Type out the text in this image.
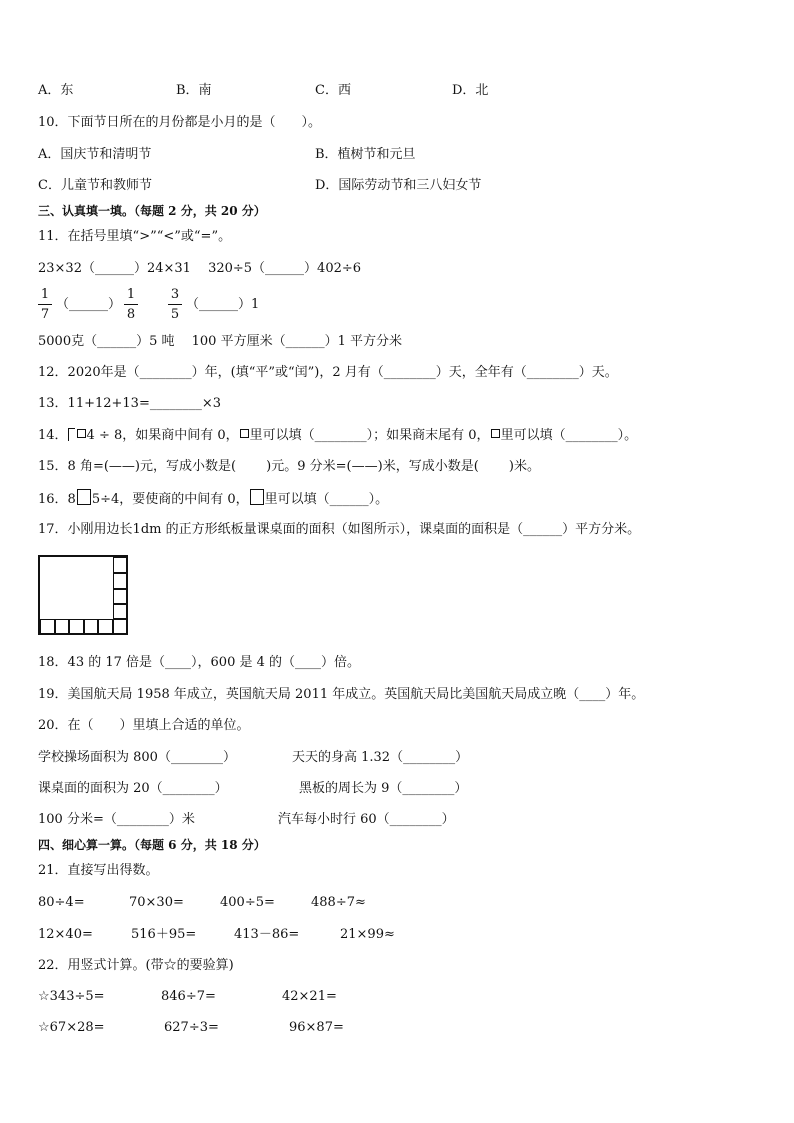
A．东	B．南	C．西	D．北
10．下面节日所在的月份都是小月的是（　　）。
A．国庆节和清明节	B．植树节和元旦
C．儿童节和教师节	D．国际劳动节和三八妇女节
三、认真填一填。（每题 2 分，共 20 分）
11．在括号里填“>”“<”或“=”。
23×32（______）24×31　 320÷5（______）402÷6
$\frac{1}{7}$ （______） $\frac{1}{8} \frac{3}{5}$ （______）1
5000克（______）5 吨　 100 平方厘米（______）1 平方分米
12．2020年是（________）年，(填“平”或“闰”)，2 月有（________）天，全年有（________）天。
13．11+12+13=________×3
14． 4 ÷ 8，如果商中间有 0， 里可以填（________）；如果商末尾有 0， 里可以填（________）。
15．8 角=(——)元，写成小数是(　　 )元。9 分米=(——)米，写成小数是(　　 )米。
16．8 5÷4，要使商的中间有 0， 里可以填（______）。
17．小刚用边长1dm 的正方形纸板量课桌面的面积（如图所示），课桌面的面积是（______）平方分米。
18．43 的 17 倍是（____），600 是 4 的（____）倍。
19．美国航天局 1958 年成立，英国航天局 2011 年成立。英国航天局比美国航天局成立晚（____）年。
20．在（　　）里填上合适的单位。
学校操场面积为 800（________）	天天的身高 1.32（________）
课桌面的面积为 20（________）	黑板的周长为 9（________）
100 分米=（________）米	汽车每小时行 60（________）
四、细心算一算。（每题 6 分，共 18 分）
21．直接写出得数。
80÷4=	70×30=	400÷5=	488÷7≈
12×40=	516＋95=	413－86=	21×99≈
22．用竖式计算。(带☆的要验算)
☆343÷5=	846÷7=	42×21=
☆67×28=	627÷3=	96×87=
